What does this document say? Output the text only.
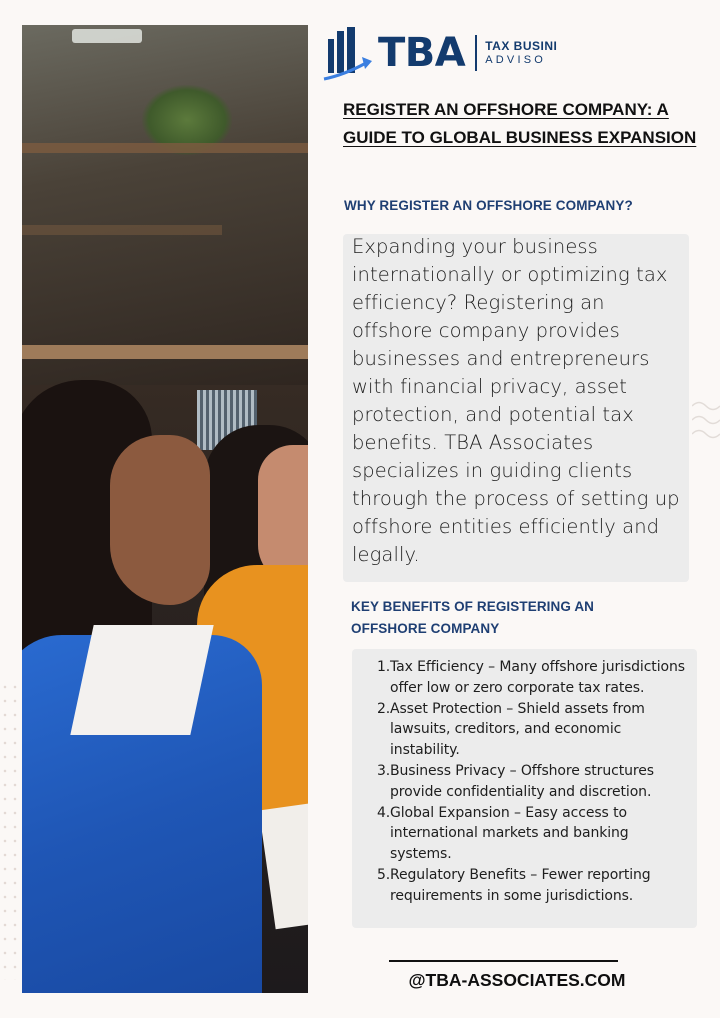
TBA TAX BUSINI
ADVISO
REGISTER AN OFFSHORE COMPANY: A GUIDE TO GLOBAL BUSINESS EXPANSION
WHY REGISTER AN OFFSHORE COMPANY?

Expanding your business internationally or optimizing tax efficiency? Registering an offshore company provides businesses and entrepreneurs with financial privacy, asset protection, and potential tax benefits. TBA Associates specializes in guiding clients through the process of setting up offshore entities efficiently and legally.

KEY BENEFITS OF REGISTERING AN OFFSHORE COMPANY
1. Tax Efficiency – Many offshore jurisdictions offer low or zero corporate tax rates.
2. Asset Protection – Shield assets from lawsuits, creditors, and economic instability.
3. Business Privacy – Offshore structures provide confidentiality and discretion.
4. Global Expansion – Easy access to international markets and banking systems.
5. Regulatory Benefits – Fewer reporting requirements in some jurisdictions.
@TBA-ASSOCIATES.COM
